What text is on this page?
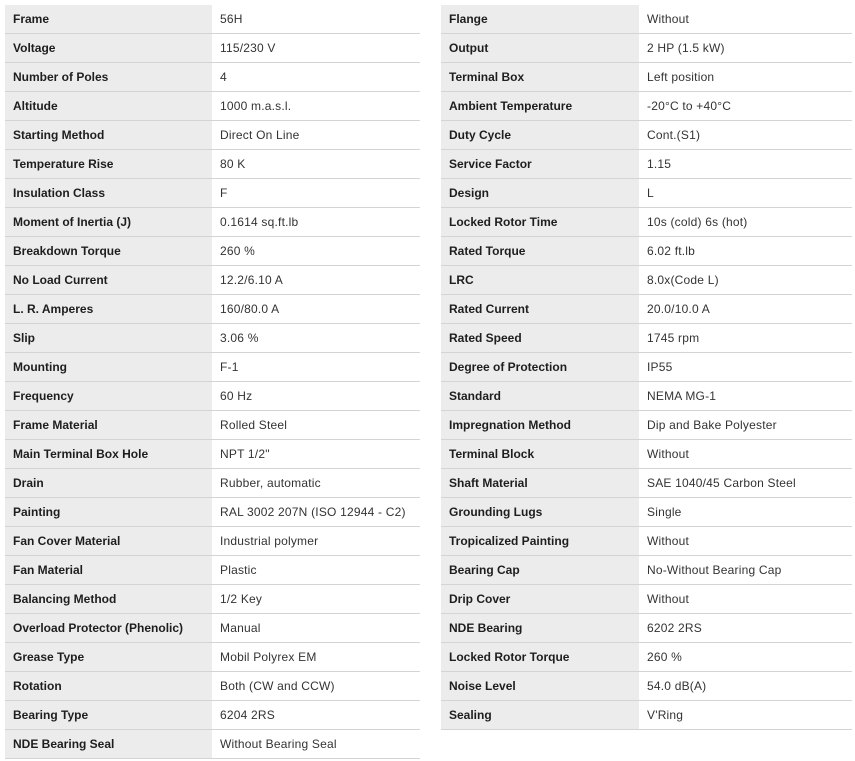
Frame	56H
Voltage	115/230 V
Number of Poles	4
Altitude	1000 m.a.s.l.
Starting Method	Direct On Line
Temperature Rise	80 K
Insulation Class	F
Moment of Inertia (J)	0.1614 sq.ft.lb
Breakdown Torque	260 %
No Load Current	12.2/6.10 A
L. R. Amperes	160/80.0 A
Slip	3.06 %
Mounting	F-1
Frequency	60 Hz
Frame Material	Rolled Steel
Main Terminal Box Hole	NPT 1/2"
Drain	Rubber, automatic
Painting	RAL 3002 207N (ISO 12944 - C2)
Fan Cover Material	Industrial polymer
Fan Material	Plastic
Balancing Method	1/2 Key
Overload Protector (Phenolic)	Manual
Grease Type	Mobil Polyrex EM
Rotation	Both (CW and CCW)
Bearing Type	6204 2RS
NDE Bearing Seal	Without Bearing Seal
Flange	Without
Output	2 HP (1.5 kW)
Terminal Box	Left position
Ambient Temperature	-20°C to +40°C
Duty Cycle	Cont.(S1)
Service Factor	1.15
Design	L
Locked Rotor Time	10s (cold) 6s (hot)
Rated Torque	6.02 ft.lb
LRC	8.0x(Code L)
Rated Current	20.0/10.0 A
Rated Speed	1745 rpm
Degree of Protection	IP55
Standard	NEMA MG-1
Impregnation Method	Dip and Bake Polyester
Terminal Block	Without
Shaft Material	SAE 1040/45 Carbon Steel
Grounding Lugs	Single
Tropicalized Painting	Without
Bearing Cap	No-Without Bearing Cap
Drip Cover	Without
NDE Bearing	6202 2RS
Locked Rotor Torque	260 %
Noise Level	54.0 dB(A)
Sealing	V'Ring
